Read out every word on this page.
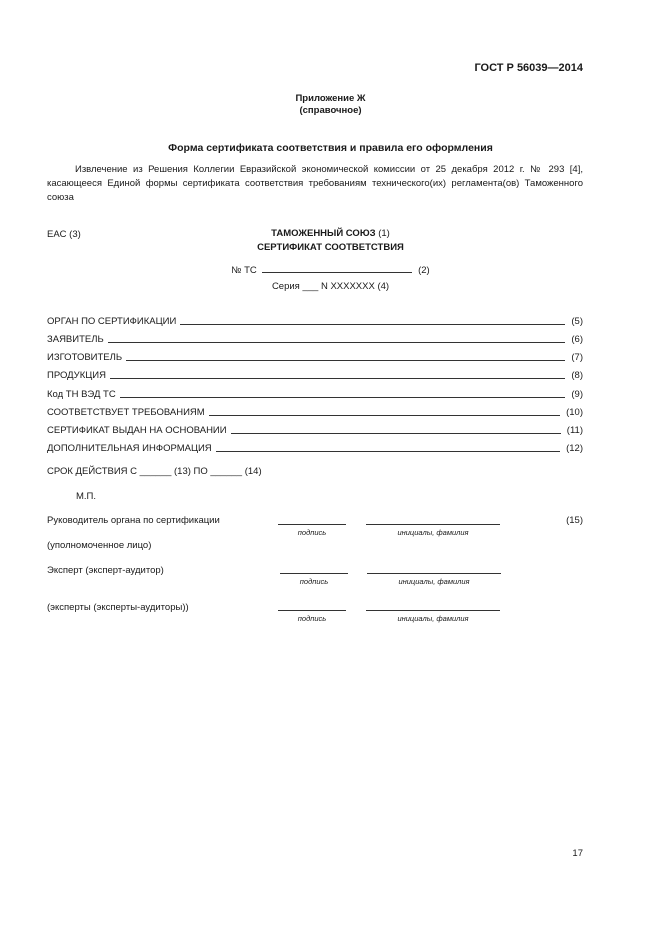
ГОСТ Р 56039—2014
Приложение Ж
(справочное)
Форма сертификата соответствия и правила его оформления
Извлечение из Решения Коллегии Евразийской экономической комиссии от 25 декабря 2012 г. № 293 [4], касающееся Единой формы сертификата соответствия требованиям технического(их) регламента(ов) Таможенного союза
EAC (3)	ТАМОЖЕННЫЙ СОЮЗ (1)
СЕРТИФИКАТ СООТВЕТСТВИЯ
№ ТС	(2)
Серия ___ N XXXXXXX (4)
ОРГАН ПО СЕРТИФИКАЦИИ	(5)
ЗАЯВИТЕЛЬ	(6)
ИЗГОТОВИТЕЛЬ	(7)
ПРОДУКЦИЯ	(8)
Код ТН ВЭД ТС	(9)
СООТВЕТСТВУЕТ ТРЕБОВАНИЯМ	(10)
СЕРТИФИКАТ ВЫДАН НА ОСНОВАНИИ	(11)
ДОПОЛНИТЕЛЬНАЯ ИНФОРМАЦИЯ	(12)
СРОК ДЕЙСТВИЯ С ______ (13) ПО ______ (14)
М.П.
Руководитель органа по сертификации
подпись	инициалы, фамилия
(15)
(уполномоченное лицо)
Эксперт (эксперт-аудитор)
подпись	инициалы, фамилия
(эксперты (эксперты-аудиторы))
подпись	инициалы, фамилия
17
